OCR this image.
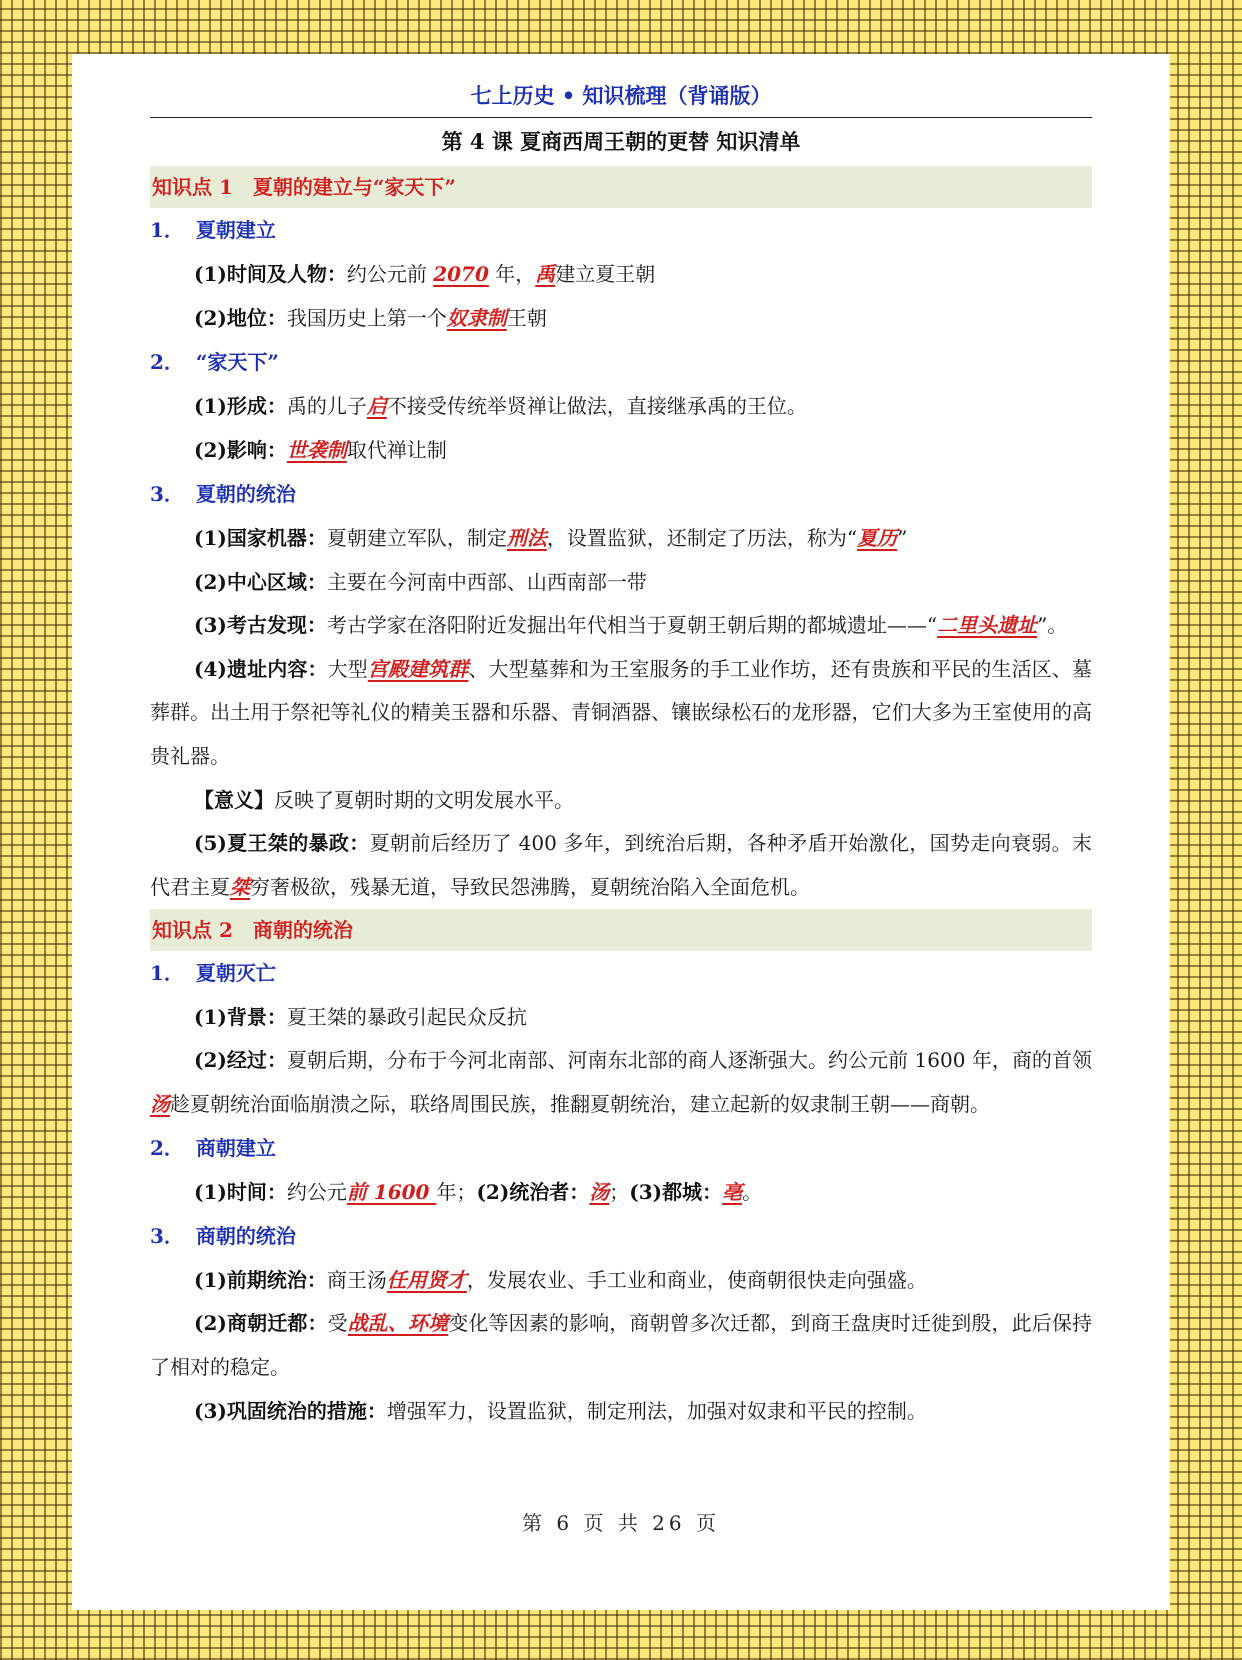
七上历史 • 知识梳理（背诵版）
第 4 课 夏商西周王朝的更替 知识清单
知识点 1 夏朝的建立与“家天下”
1． 夏朝建立
(1)时间及人物：约公元前 2070 年，禹建立夏王朝
(2)地位：我国历史上第一个奴隶制王朝
2． “家天下”
(1)形成：禹的儿子启不接受传统举贤禅让做法，直接继承禹的王位。
(2)影响：世袭制取代禅让制
3． 夏朝的统治
(1)国家机器：夏朝建立军队，制定刑法，设置监狱，还制定了历法，称为“夏历”
(2)中心区域：主要在今河南中西部、山西南部一带
(3)考古发现：考古学家在洛阳附近发掘出年代相当于夏朝王朝后期的都城遗址——“二里头遗址”。
(4)遗址内容：大型宫殿建筑群、大型墓葬和为王室服务的手工业作坊，还有贵族和平民的生活区、墓葬群。出土用于祭祀等礼仪的精美玉器和乐器、青铜酒器、镶嵌绿松石的龙形器，它们大多为王室使用的高贵礼器。
【意义】反映了夏朝时期的文明发展水平。
(5)夏王桀的暴政：夏朝前后经历了 400 多年，到统治后期，各种矛盾开始激化，国势走向衰弱。末代君主夏桀穷奢极欲，残暴无道，导致民怨沸腾，夏朝统治陷入全面危机。
知识点 2 商朝的统治
1． 夏朝灭亡
(1)背景：夏王桀的暴政引起民众反抗
(2)经过：夏朝后期，分布于今河北南部、河南东北部的商人逐渐强大。约公元前 1600 年，商的首领汤趁夏朝统治面临崩溃之际，联络周围民族，推翻夏朝统治，建立起新的奴隶制王朝——商朝。
2． 商朝建立
(1)时间：约公元前 1600 年；(2)统治者：汤；(3)都城：亳。
3． 商朝的统治
(1)前期统治：商王汤任用贤才，发展农业、手工业和商业，使商朝很快走向强盛。
(2)商朝迁都：受战乱、环境变化等因素的影响，商朝曾多次迁都，到商王盘庚时迁徙到殷，此后保持了相对的稳定。
(3)巩固统治的措施：增强军力，设置监狱，制定刑法，加强对奴隶和平民的控制。
第 6 页 共 26 页
